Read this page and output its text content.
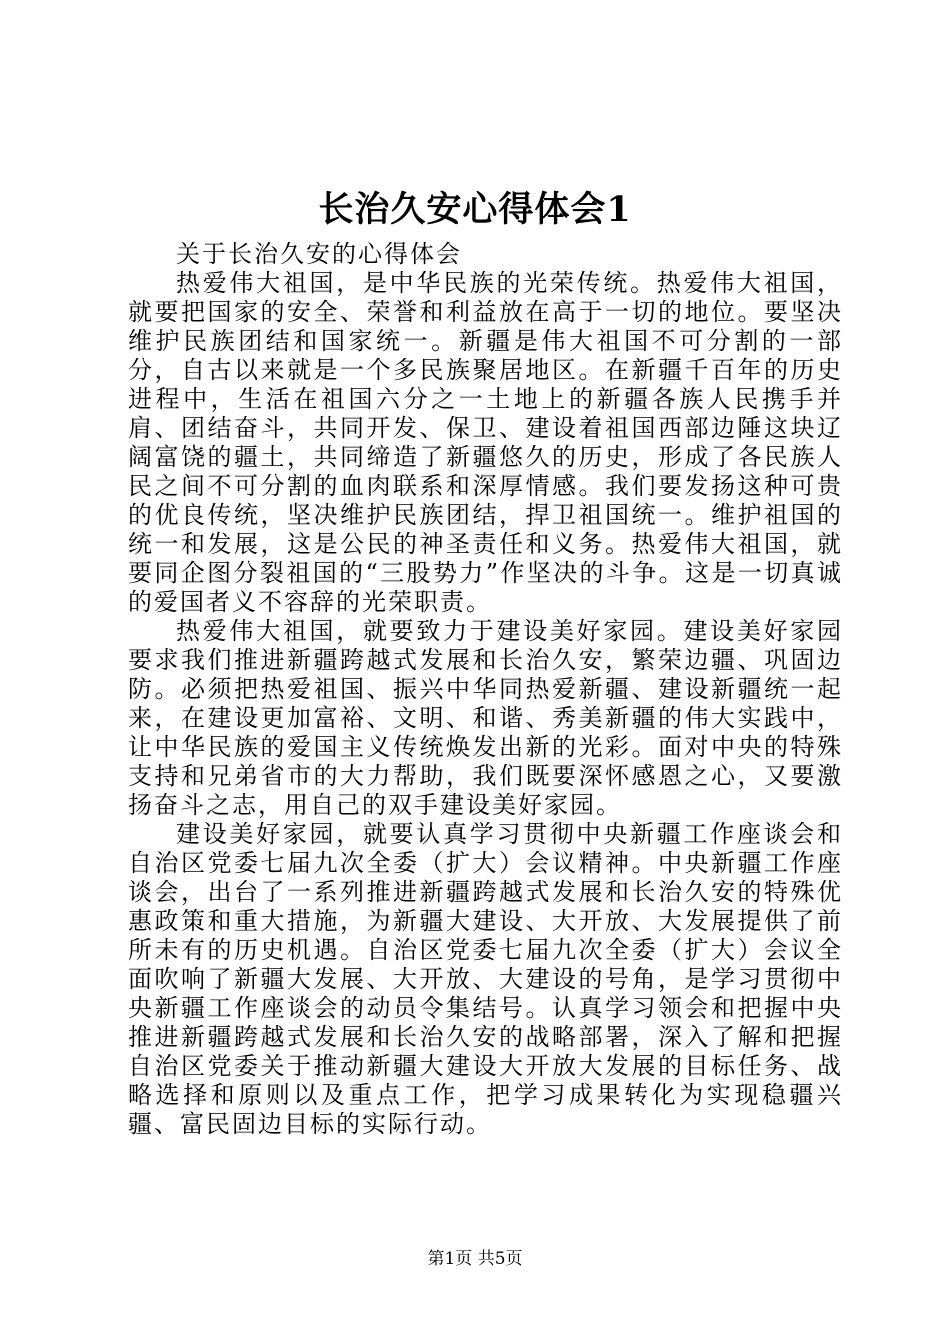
长治久安心得体会1

关于长治久安的心得体会

热爱伟大祖国，是中华民族的光荣传统。热爱伟大祖国，就要把国家的安全、荣誉和利益放在高于一切的地位。要坚决维护民族团结和国家统一。新疆是伟大祖国不可分割的一部分，自古以来就是一个多民族聚居地区。在新疆千百年的历史进程中，生活在祖国六分之一土地上的新疆各族人民携手并肩、团结奋斗，共同开发、保卫、建设着祖国西部边陲这块辽阔富饶的疆土，共同缔造了新疆悠久的历史，形成了各民族人民之间不可分割的血肉联系和深厚情感。我们要发扬这种可贵的优良传统，坚决维护民族团结，捍卫祖国统一。维护祖国的统一和发展，这是公民的神圣责任和义务。热爱伟大祖国，就要同企图分裂祖国的“三股势力”作坚决的斗争。这是一切真诚的爱国者义不容辞的光荣职责。

热爱伟大祖国，就要致力于建设美好家园。建设美好家园要求我们推进新疆跨越式发展和长治久安，繁荣边疆、巩固边防。必须把热爱祖国、振兴中华同热爱新疆、建设新疆统一起来，在建设更加富裕、文明、和谐、秀美新疆的伟大实践中，让中华民族的爱国主义传统焕发出新的光彩。面对中央的特殊支持和兄弟省市的大力帮助，我们既要深怀感恩之心，又要激扬奋斗之志，用自己的双手建设美好家园。

建设美好家园，就要认真学习贯彻中央新疆工作座谈会和自治区党委七届九次全委（扩大）会议精神。中央新疆工作座谈会，出台了一系列推进新疆跨越式发展和长治久安的特殊优惠政策和重大措施，为新疆大建设、大开放、大发展提供了前所未有的历史机遇。自治区党委七届九次全委（扩大）会议全面吹响了新疆大发展、大开放、大建设的号角，是学习贯彻中央新疆工作座谈会的动员令集结号。认真学习领会和把握中央推进新疆跨越式发展和长治久安的战略部署，深入了解和把握自治区党委关于推动新疆大建设大开放大发展的目标任务、战略选择和原则以及重点工作，把学习成果转化为实现稳疆兴疆、富民固边目标的实际行动。

第1页 共5页
